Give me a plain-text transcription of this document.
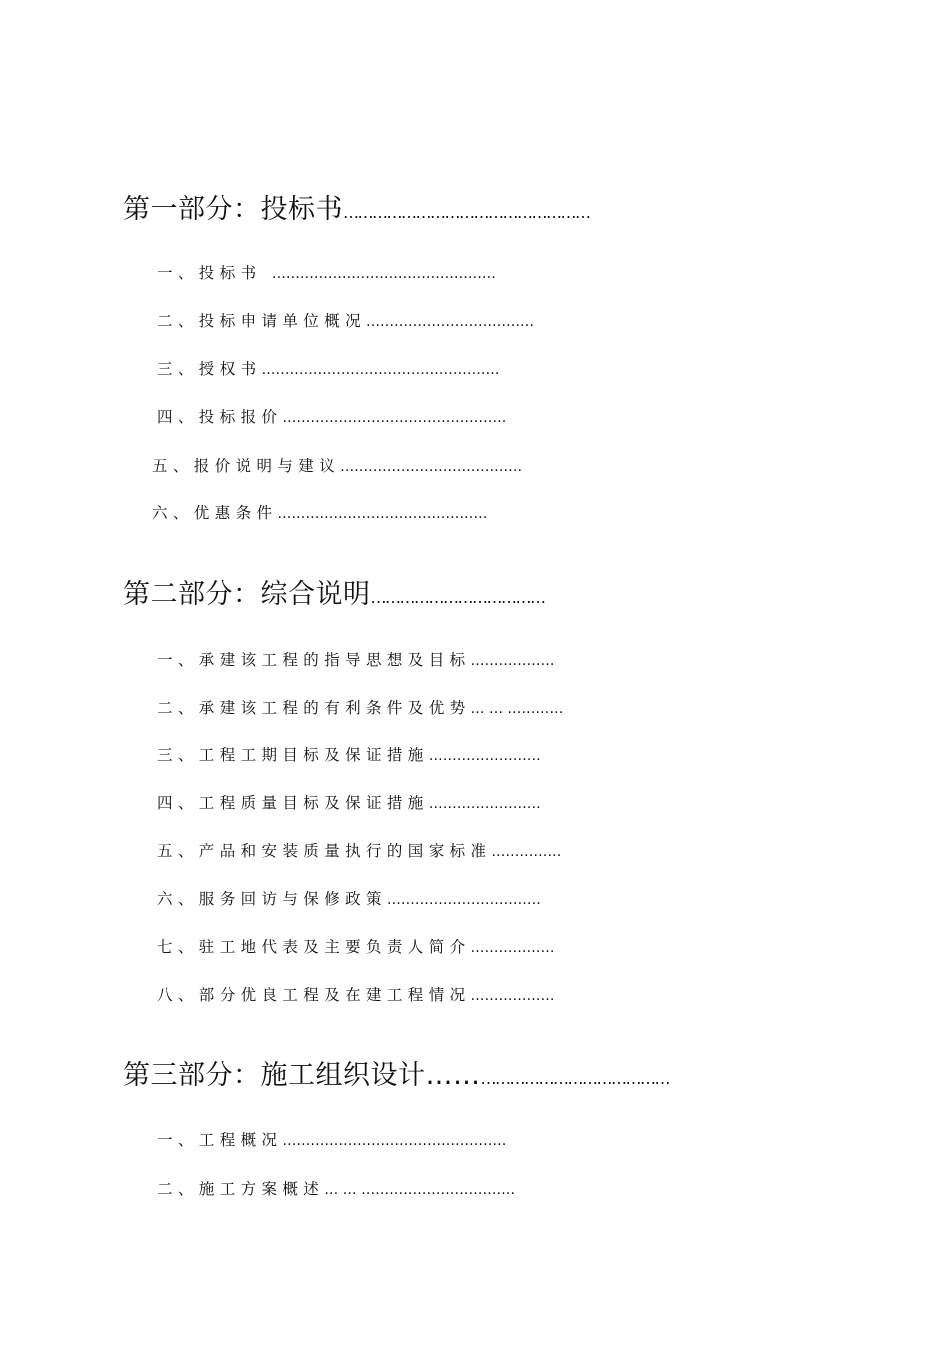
第一部分：投标书……………………………………………
一、投标书 …………………………………………
二、投标申请单位概况………………………………
三、授权书……………………………………………
四、投标报价…………………………………………
五、报价说明与建议…………………………………
六、优惠条件………………………………………
第二部分：综合说明………………………………
一、承建该工程的指导思想及目标………………
二、承建该工程的有利条件及优势… … …………
三、工程工期目标及保证措施……………………
四、工程质量目标及保证措施……………………
五、产品和安装质量执行的国家标准……………
六、服务回访与保修政策……………………………
七、驻工地代表及主要负责人简介………………
八、部分优良工程及在建工程情况………………
第三部分：施工组织设计………………………………………
一、工程概况…………………………………………
二、施工方案概述… … ……………………………
